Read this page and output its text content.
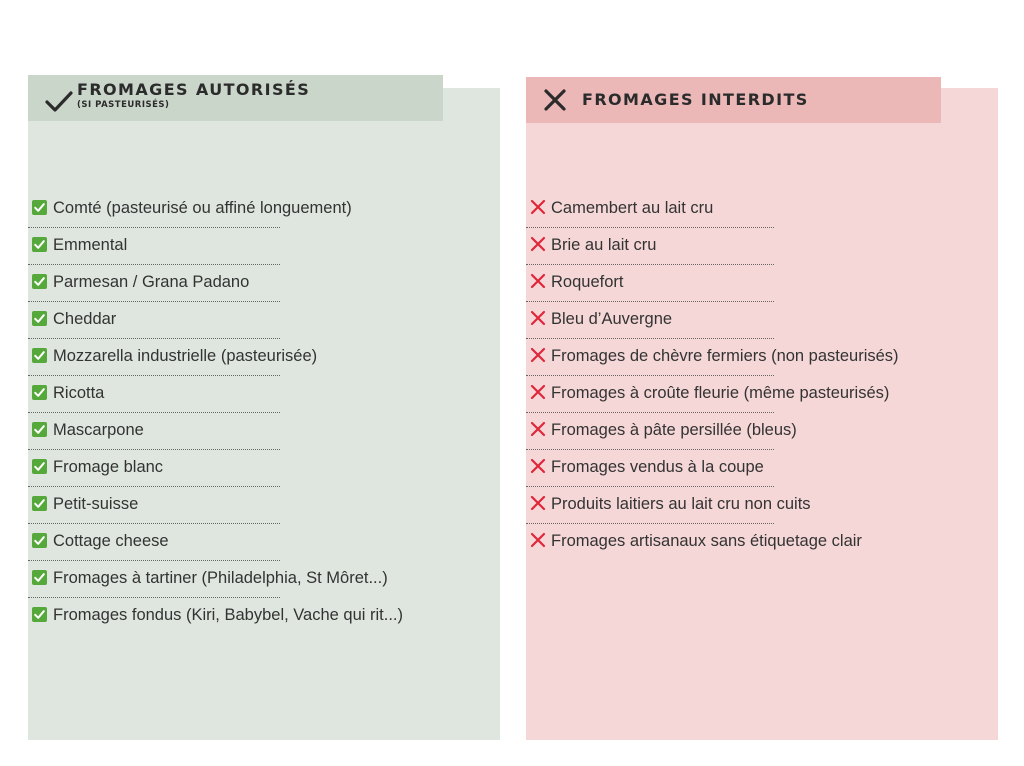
FROMAGES AUTORISÉS
(SI PASTEURISÉS)	FROMAGES INTERDITS
Comté (pasteurisé ou affiné longuement)
Emmental
Parmesan / Grana Padano
Cheddar
Mozzarella industrielle (pasteurisée)
Ricotta
Mascarpone
Fromage blanc
Petit-suisse
Cottage cheese
Fromages à tartiner (Philadelphia, St Môret...)
Fromages fondus (Kiri, Babybel, Vache qui rit...)
Camembert au lait cru
Brie au lait cru
Roquefort
Bleu d’Auvergne
Fromages de chèvre fermiers (non pasteurisés)
Fromages à croûte fleurie (même pasteurisés)
Fromages à pâte persillée (bleus)
Fromages vendus à la coupe
Produits laitiers au lait cru non cuits
Fromages artisanaux sans étiquetage clair
